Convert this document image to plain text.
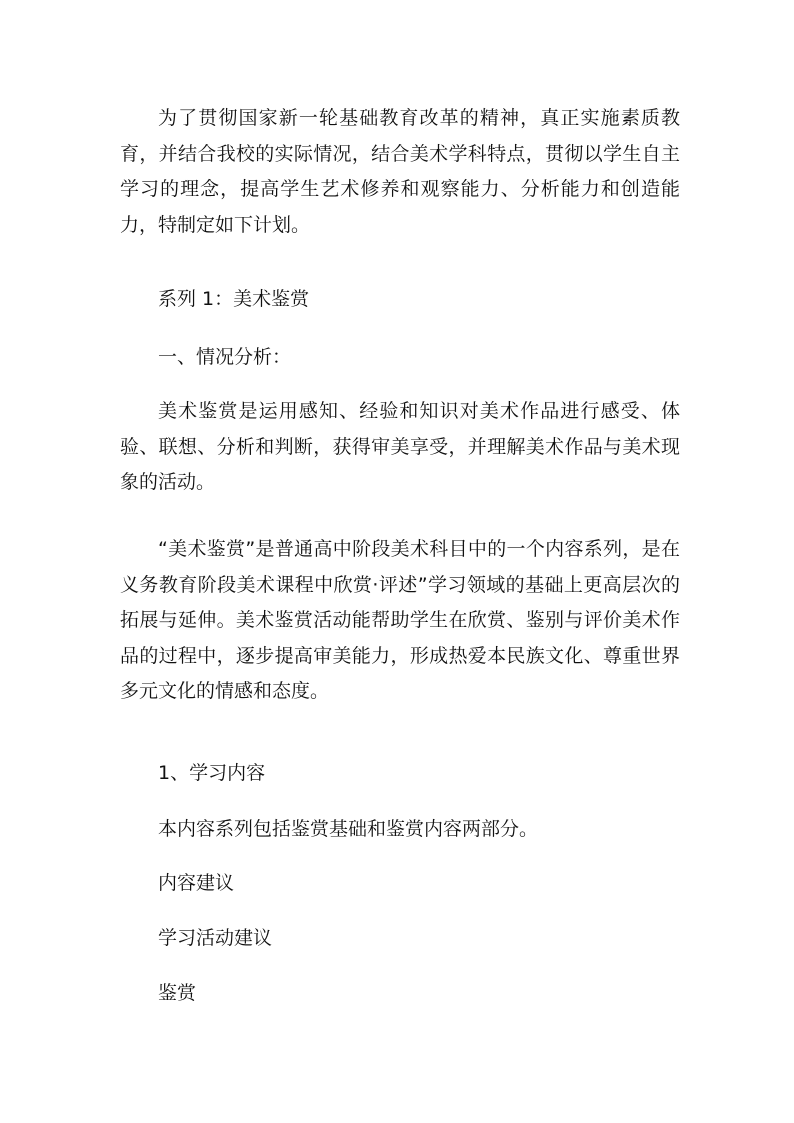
为了贯彻国家新一轮基础教育改革的精神，真正实施素质教育，并结合我校的实际情况，结合美术学科特点，贯彻以学生自主学习的理念，提高学生艺术修养和观察能力、分析能力和创造能力，特制定如下计划。

系列 1：美术鉴赏

一、情况分析：

美术鉴赏是运用感知、经验和知识对美术作品进行感受、体验、联想、分析和判断，获得审美享受，并理解美术作品与美术现象的活动。

“美术鉴赏”是普通高中阶段美术科目中的一个内容系列，是在义务教育阶段美术课程中欣赏·评述”学习领域的基础上更高层次的拓展与延伸。美术鉴赏活动能帮助学生在欣赏、鉴别与评价美术作品的过程中，逐步提高审美能力，形成热爱本民族文化、尊重世界多元文化的情感和态度。

1、学习内容

本内容系列包括鉴赏基础和鉴赏内容两部分。

内容建议

学习活动建议

鉴赏
